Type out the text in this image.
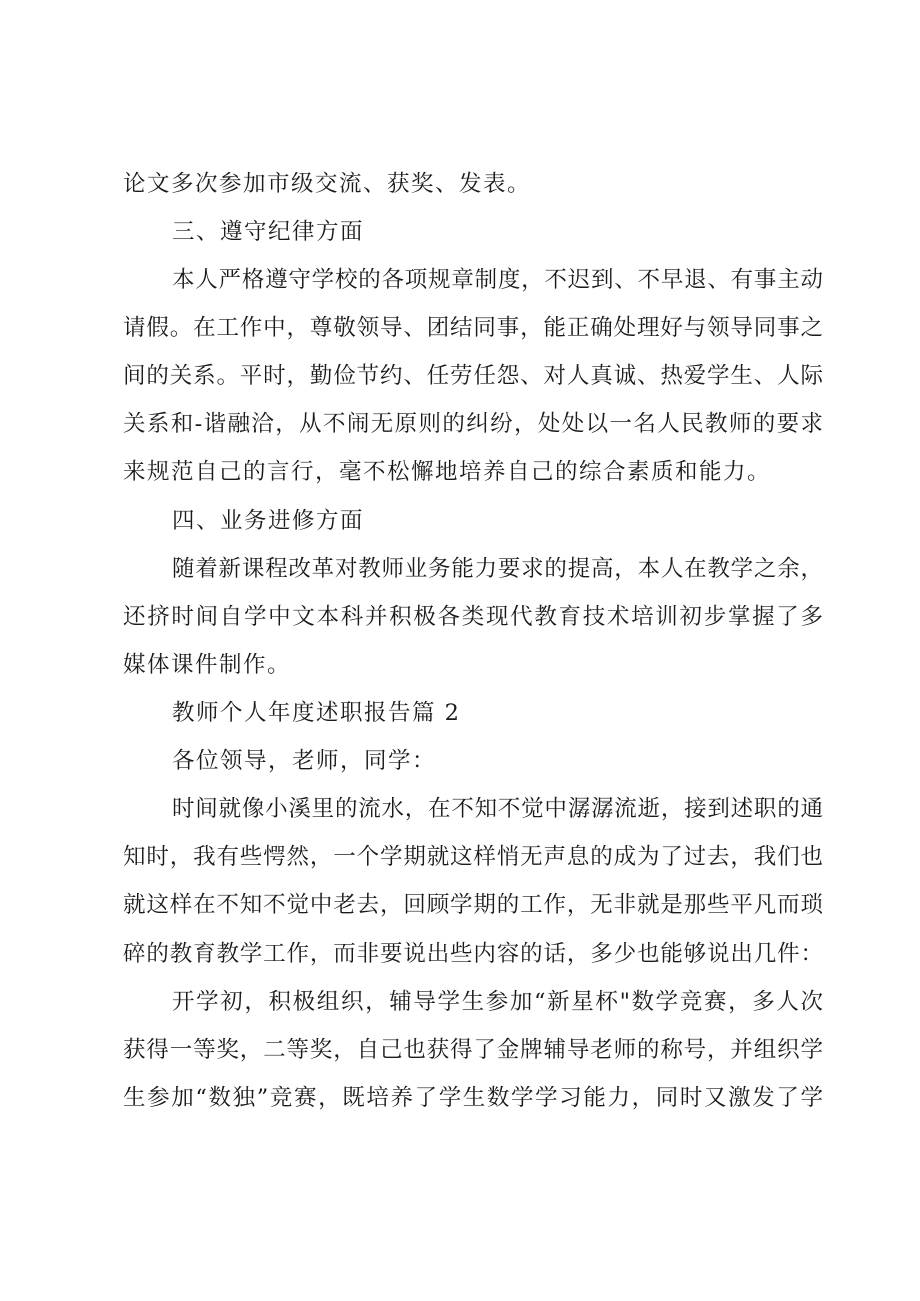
论文多次参加市级交流、获奖、发表。
三、遵守纪律方面
本人严格遵守学校的各项规章制度，不迟到、不早退、有事主动
请假。在工作中，尊敬领导、团结同事，能正确处理好与领导同事之
间的关系。平时，勤俭节约、任劳任怨、对人真诚、热爱学生、人际
关系和-谐融洽，从不闹无原则的纠纷，处处以一名人民教师的要求
来规范自己的言行，毫不松懈地培养自己的综合素质和能力。
四、业务进修方面
随着新课程改革对教师业务能力要求的提高，本人在教学之余，
还挤时间自学中文本科并积极各类现代教育技术培训初步掌握了多
媒体课件制作。
教师个人年度述职报告篇 2
各位领导，老师，同学：
时间就像小溪里的流水，在不知不觉中潺潺流逝，接到述职的通
知时，我有些愕然，一个学期就这样悄无声息的成为了过去，我们也
就这样在不知不觉中老去，回顾学期的工作，无非就是那些平凡而琐
碎的教育教学工作，而非要说出些内容的话，多少也能够说出几件：
开学初，积极组织，辅导学生参加“新星杯"数学竞赛，多人次
获得一等奖，二等奖，自己也获得了金牌辅导老师的称号，并组织学
生参加“数独”竞赛，既培养了学生数学学习能力，同时又激发了学
